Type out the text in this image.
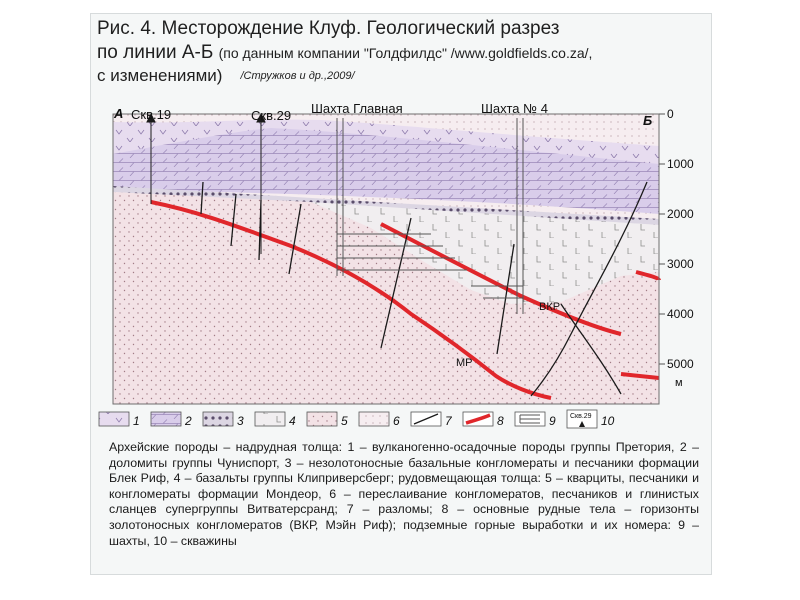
Рис. 4. Месторождение Клуф. Геологический разрез
по линии А-Б (по данным компании "Голдфилдс" /www.goldfields.co.za/,
с изменениями) /Стружков и др.,2009/
0
1000
2000
3000
4000
5000
м
А Скв.19	Скв.29 Шахта Главная	Шахта № 4
Б
ВКР
МР
1	2	3	4	5	6	7	8	9 Скв.29 10
Архейские породы – надрудная толща: 1 – вулканогенно-осадочные породы группы Претория, 2 – доломиты группы Чуниспорт, 3 – незолотоносные базальные конгломераты и песчаники формации Блек Риф, 4 – базальты группы Клиприверсберг; рудовмещающая толща: 5 – кварциты, песчаники и конгломераты формации Мондеор, 6 – переслаивание конгломератов, песчаников и глинистых сланцев супергруппы Витватерсранд; 7 – разломы; 8 – основные рудные тела – горизонты золотоносных конгломератов (ВКР, Мэйн Риф); подземные горные выработки и их номера: 9 – шахты, 10 – скважины
